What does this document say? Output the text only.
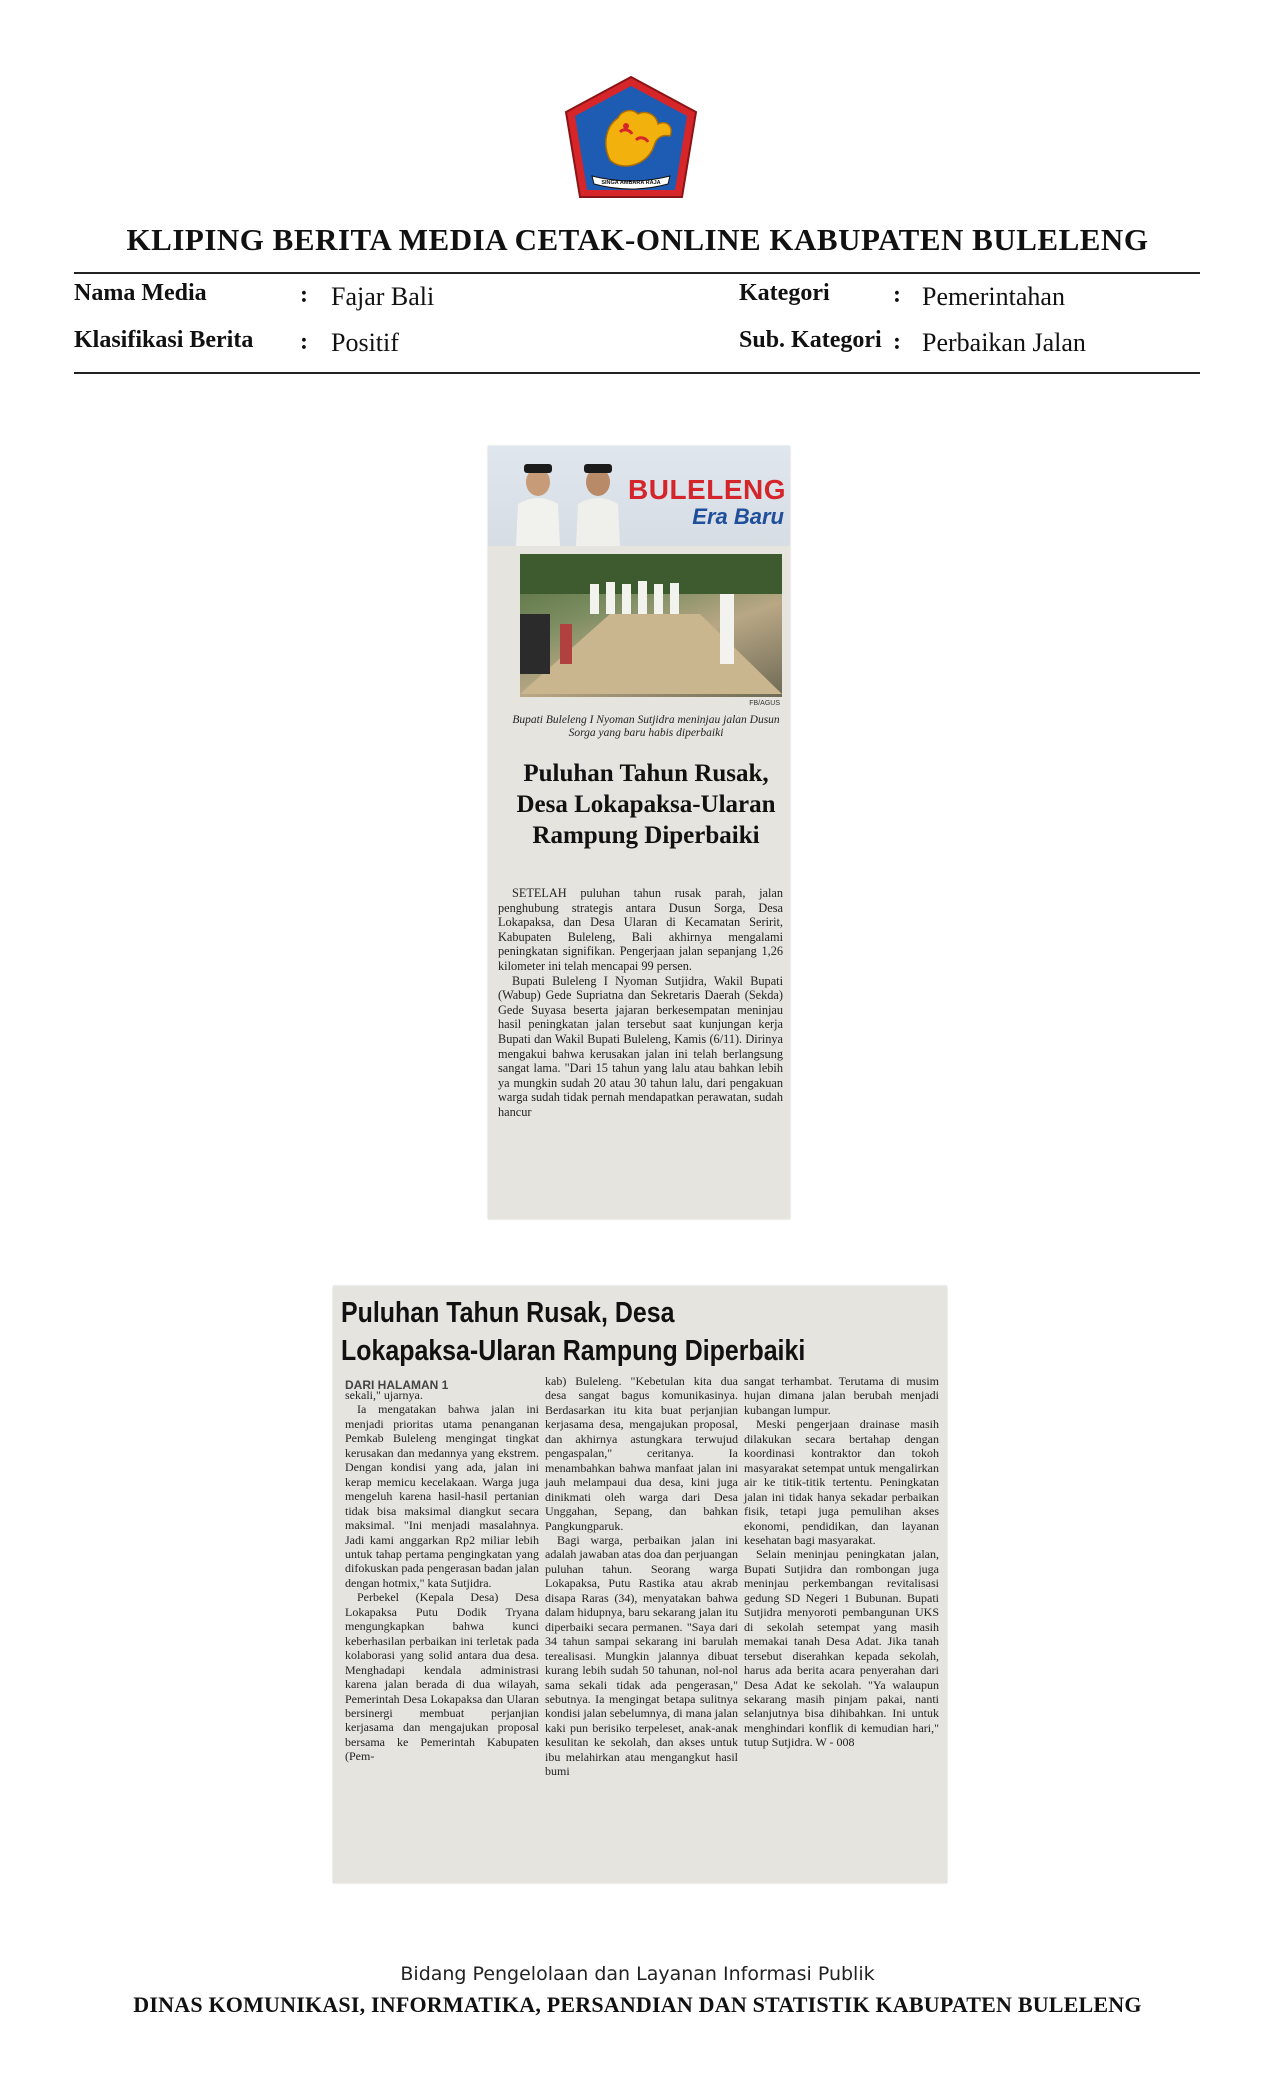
SINGA AMBARA RAJA
KLIPING BERITA MEDIA CETAK-ONLINE KABUPATEN BULELENG
Nama Media	: Fajar Bali
Klasifikasi Berita : Positif
Kategori	: Pemerintahan
Sub. Kategori : Perbaikan Jalan
BULELENG
Era Baru
FB/AGUS
Bupati Buleleng I Nyoman Sutjidra meninjau jalan Dusun Sorga yang baru habis diperbaiki
Puluhan Tahun Rusak, Desa Lokapaksa-Ularan Rampung Diperbaiki

SETELAH puluhan tahun rusak parah, jalan penghubung strategis antara Dusun Sorga, Desa Lokapaksa, dan Desa Ularan di Kecamatan Seririt, Kabupaten Buleleng, Bali akhirnya mengalami peningkatan signifikan. Pengerjaan jalan sepanjang 1,26 kilometer ini telah mencapai 99 persen.

Bupati Buleleng I Nyoman Sutjidra, Wakil Bupati (Wabup) Gede Supriatna dan Sekretaris Daerah (Sekda) Gede Suyasa beserta jajaran berkesempatan meninjau hasil peningkatan jalan tersebut saat kunjungan kerja Bupati dan Wakil Bupati Buleleng, Kamis (6/11). Dirinya mengakui bahwa kerusakan jalan ini telah berlangsung sangat lama. "Dari 15 tahun yang lalu atau bahkan lebih ya mungkin sudah 20 atau 30 tahun lalu, dari pengakuan warga sudah tidak pernah mendapatkan perawatan, sudah hancur

Puluhan Tahun Rusak, Desa
Lokapaksa-Ularan Rampung Diperbaiki
DARI HALAMAN 1

sekali," ujarnya.

Ia mengatakan bahwa jalan ini menjadi prioritas utama penanganan Pemkab Buleleng mengingat tingkat kerusakan dan medannya yang ekstrem. Dengan kondisi yang ada, jalan ini kerap memicu kecelakaan. Warga juga mengeluh karena hasil-hasil pertanian tidak bisa maksimal diangkut secara maksimal. "Ini menjadi masalahnya. Jadi kami anggarkan Rp2 miliar lebih untuk tahap pertama pengingkatan yang difokuskan pada pengerasan badan jalan dengan hotmix," kata Sutjidra.

Perbekel (Kepala Desa) Desa Lokapaksa Putu Dodik Tryana mengungkapkan bahwa kunci keberhasilan perbaikan ini terletak pada kolaborasi yang solid antara dua desa. Menghadapi kendala administrasi karena jalan berada di dua wilayah, Pemerintah Desa Lokapaksa dan Ularan bersinergi membuat perjanjian kerjasama dan mengajukan proposal bersama ke Pemerintah Kabupaten (Pem-

kab) Buleleng. "Kebetulan kita dua desa sangat bagus komunikasinya. Berdasarkan itu kita buat perjanjian kerjasama desa, mengajukan proposal, dan akhirnya astungkara terwujud pengaspalan," ceritanya. Ia menambahkan bahwa manfaat jalan ini jauh melampaui dua desa, kini juga dinikmati oleh warga dari Desa Unggahan, Sepang, dan bahkan Pangkungparuk.

Bagi warga, perbaikan jalan ini adalah jawaban atas doa dan perjuangan puluhan tahun. Seorang warga Lokapaksa, Putu Rastika atau akrab disapa Raras (34), menyatakan bahwa dalam hidupnya, baru sekarang jalan itu diperbaiki secara permanen. "Saya dari 34 tahun sampai sekarang ini barulah terealisasi. Mungkin jalannya dibuat kurang lebih sudah 50 tahunan, nol-nol sama sekali tidak ada pengerasan," sebutnya. Ia mengingat betapa sulitnya kondisi jalan sebelumnya, di mana jalan kaki pun berisiko terpeleset, anak-anak kesulitan ke sekolah, dan akses untuk ibu melahirkan atau mengangkut hasil bumi

sangat terhambat. Terutama di musim hujan dimana jalan berubah menjadi kubangan lumpur.

Meski pengerjaan drainase masih dilakukan secara bertahap dengan koordinasi kontraktor dan tokoh masyarakat setempat untuk mengalirkan air ke titik-titik tertentu. Peningkatan jalan ini tidak hanya sekadar perbaikan fisik, tetapi juga pemulihan akses ekonomi, pendidikan, dan layanan kesehatan bagi masyarakat.

Selain meninjau peningkatan jalan, Bupati Sutjidra dan rombongan juga meninjau perkembangan revitalisasi gedung SD Negeri 1 Bubunan. Bupati Sutjidra menyoroti pembangunan UKS di sekolah setempat yang masih memakai tanah Desa Adat. Jika tanah tersebut diserahkan kepada sekolah, harus ada berita acara penyerahan dari Desa Adat ke sekolah. "Ya walaupun sekarang masih pinjam pakai, nanti selanjutnya bisa dihibahkan. Ini untuk menghindari konflik di kemudian hari," tutup Sutjidra. W - 008

Bidang Pengelolaan dan Layanan Informasi Publik
DINAS KOMUNIKASI, INFORMATIKA, PERSANDIAN DAN STATISTIK KABUPATEN BULELENG
